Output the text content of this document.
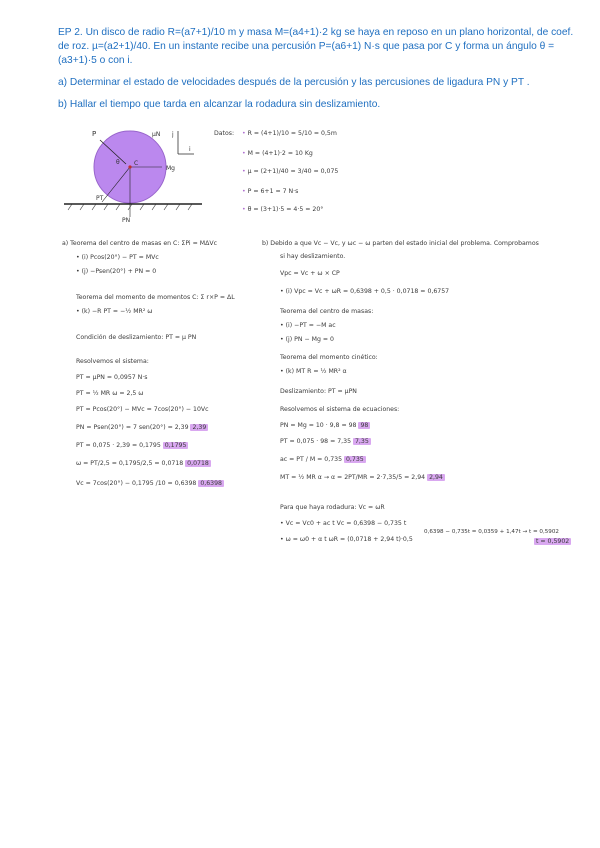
EP 2. Un disco de radio R=(a7+1)/10 m y masa M=(a4+1)·2 kg se haya en reposo en un plano horizontal, de coef. de roz. µ=(a2+1)/40. En un instante recibe una percusión P=(a6+1) N·s que pasa por C y forma un ángulo θ =(a3+1)·5 o con i.

a) Determinar el estado de velocidades después de la percusión y las percusiones de ligadura PN y PT .

b) Hallar el tiempo que tarda en alcanzar la rodadura sin deslizamiento.

P	µN
θ C
Mg
PT
PN
j
i
Datos: • R = (4+1)/10 = 5/10 = 0,5m
• M = (4+1)·2 = 10 Kg
• µ = (2+1)/40 = 3/40 = 0,075
• P = 6+1 = 7 N·s
• θ = (3+1)·5 = 4·5 = 20°
a) Teorema del centro de masas en C: ΣPi = MΔVc
• (i) Pcos(20°) − PT = MVc
• (j) −Psen(20°) + PN = 0
Teorema del momento de momentos C: Σ r×P = ΔL
• (k) −R PT = −½ MR² ω
Condición de deslizamiento: PT = µ PN
Resolvemos el sistema:
PT = µPN = 0,0957 N·s
PT = ½ MR ω = 2,5 ω
PT = Pcos(20°) − MVc = 7cos(20°) − 10Vc
PN = Psen(20°) = 7 sen(20°) = 2,39 2,39
PT = 0,075 · 2,39 = 0,1795 0,1795
ω = PT/2,5 = 0,1795/2,5 = 0,0718 0,0718
Vc = 7cos(20°) − 0,1795 /10 = 0,6398 0,6398
b) Debido a que Vc − Vc, y ωc − ω parten del estado inicial del problema. Comprobamos
si hay deslizamiento.
Vpc = Vc + ω × CP
• (i) Vpc = Vc + ωR = 0,6398 + 0,5 · 0,0718 = 0,6757
Teorema del centro de masas:
• (i) −PT = −M ac
• (j) PN − Mg = 0
Teorema del momento cinético:
• (k) MT R = ½ MR² α
Deslizamiento: PT = µPN
Resolvemos el sistema de ecuaciones:
PN = Mg = 10 · 9,8 = 98 98
PT = 0,075 · 98 = 7,35 7,35
ac = PT / M = 0,735 0,735
MT = ½ MR α → α = 2PT/MR = 2·7,35/5 = 2,94 2,94
Para que haya rodadura: Vc = ωR
• Vc = Vc0 + ac t Vc = 0,6398 − 0,735 t
• ω = ω0 + α t ωR = (0,0718 + 2,94 t)·0,5
0,6398 − 0,735t = 0,0359 + 1,47t → t = 0,5902
t = 0,5902
